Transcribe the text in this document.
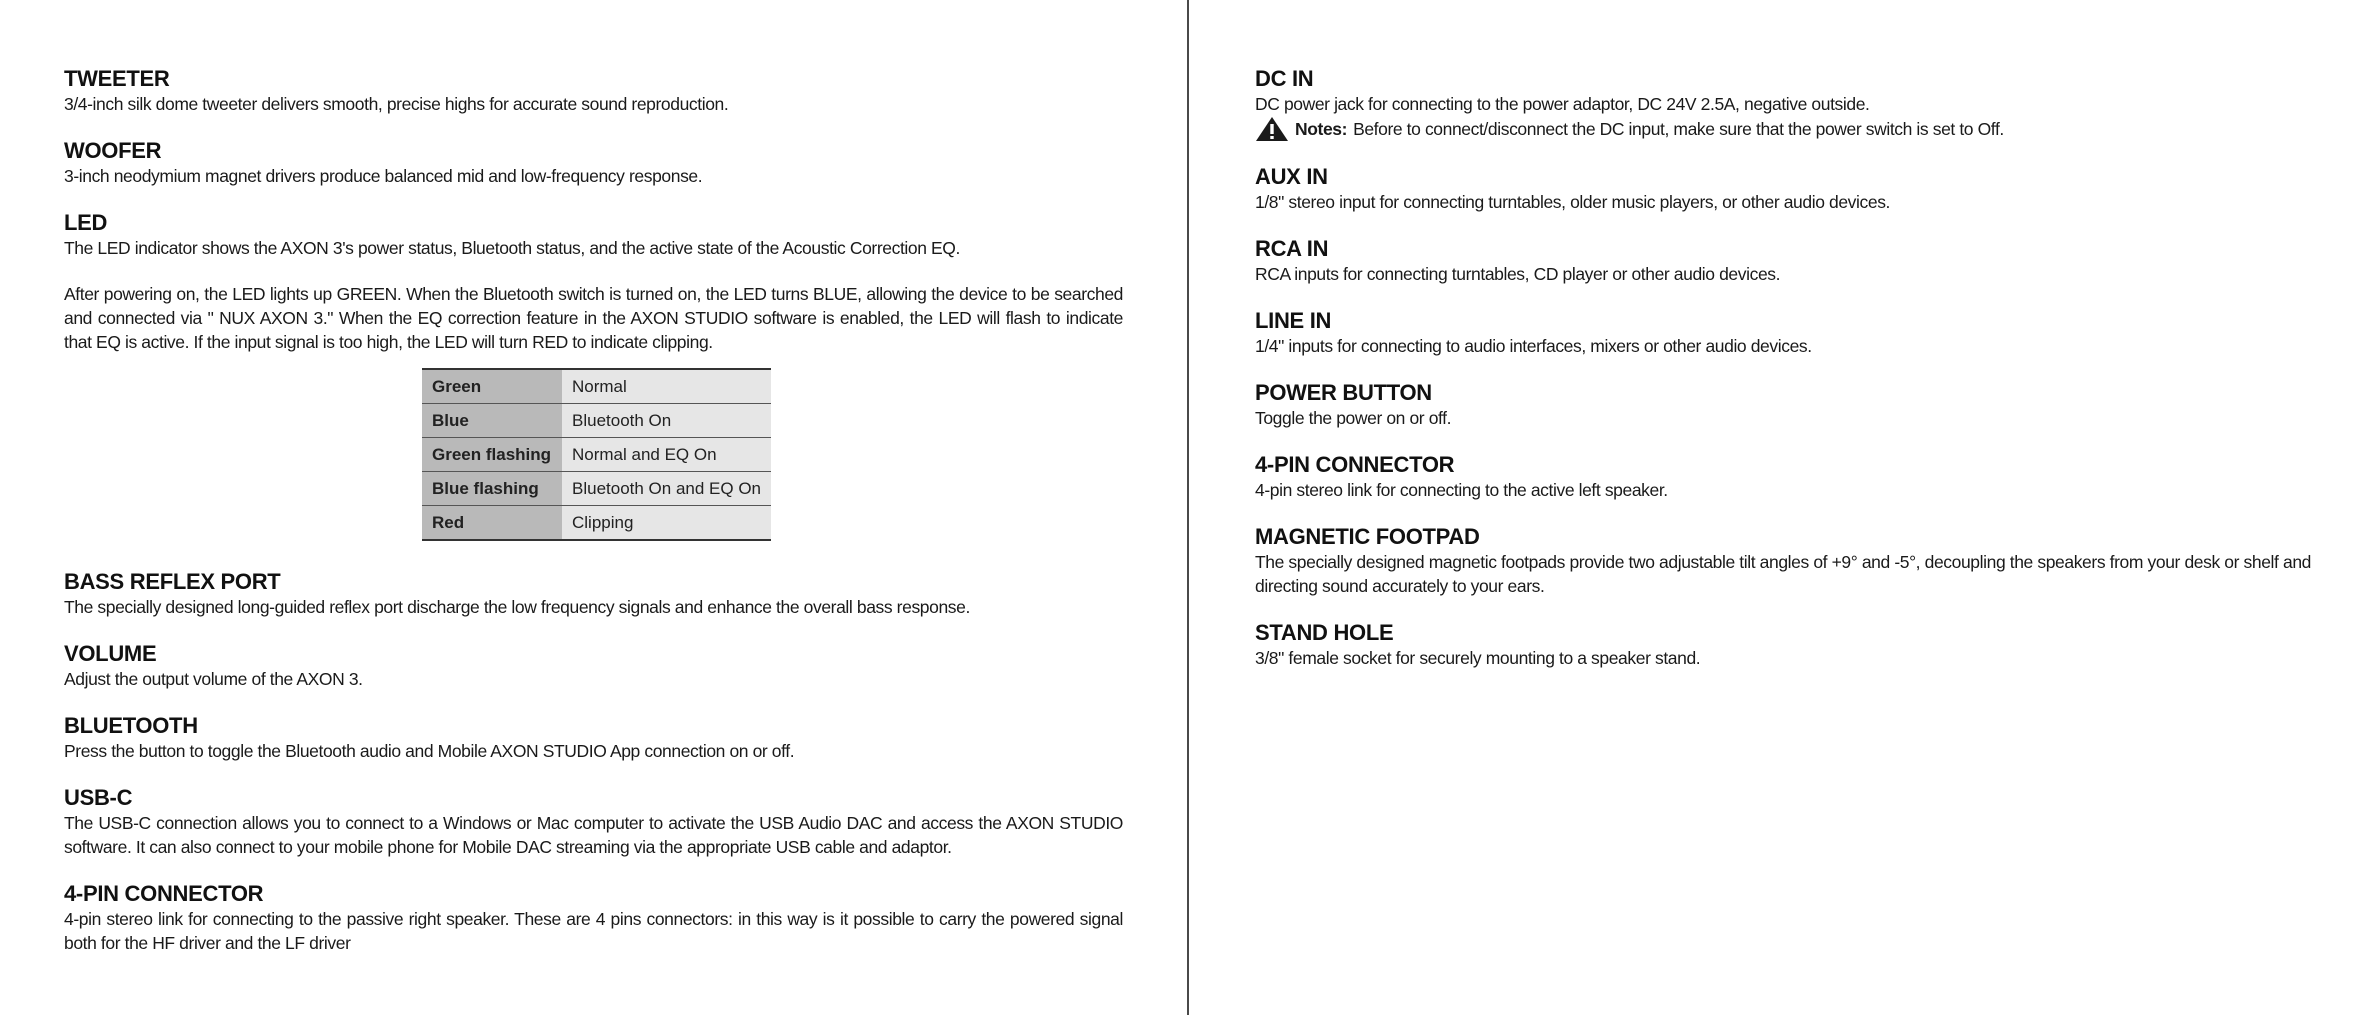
TWEETER

3/4-inch silk dome tweeter delivers smooth, precise highs for accurate sound reproduction.

WOOFER

3-inch neodymium magnet drivers produce balanced mid and low-frequency response.

LED

The LED indicator shows the AXON 3's power status, Bluetooth status, and the active state of the Acoustic Correction EQ.

After powering on, the LED lights up GREEN. When the Bluetooth switch is turned on, the LED turns BLUE, allowing the device to be searched and connected via " NUX AXON 3." When the EQ correction feature in the AXON STUDIO software is enabled, the LED will flash to indicate that EQ is active. If the input signal is too high, the LED will turn RED to indicate clipping.

Green	Normal
Blue	Bluetooth On
Green flashing	Normal and EQ On
Blue flashing	Bluetooth On and EQ On
Red	Clipping
BASS REFLEX PORT

The specially designed long-guided reflex port discharge the low frequency signals and enhance the overall bass response.

VOLUME

Adjust the output volume of the AXON 3.

BLUETOOTH

Press the button to toggle the Bluetooth audio and Mobile AXON STUDIO App connection on or off.

USB-C

The USB-C connection allows you to connect to a Windows or Mac computer to activate the USB Audio DAC and access the AXON STUDIO software. It can also connect to your mobile phone for Mobile DAC streaming via the appropriate USB cable and adaptor.

4-PIN CONNECTOR

4-pin stereo link for connecting to the passive right speaker. These are 4 pins connectors: in this way is it possible to carry the powered signal both for the HF driver and the LF driver

DC IN

DC power jack for connecting to the power adaptor, DC 24V 2.5A, negative outside.

Notes: Before to connect/disconnect the DC input, make sure that the power switch is set to Off.
AUX IN

1/8" stereo input for connecting turntables, older music players, or other audio devices.

RCA IN

RCA inputs for connecting turntables, CD player or other audio devices.

LINE IN

1/4" inputs for connecting to audio interfaces, mixers or other audio devices.

POWER BUTTON

Toggle the power on or off.

4-PIN CONNECTOR

4-pin stereo link for connecting to the active left speaker.

MAGNETIC FOOTPAD

The specially designed magnetic footpads provide two adjustable tilt angles of +9° and -5°, decoupling the speakers from your desk or shelf and directing sound accurately to your ears.

STAND HOLE

3/8" female socket for securely mounting to a speaker stand.
